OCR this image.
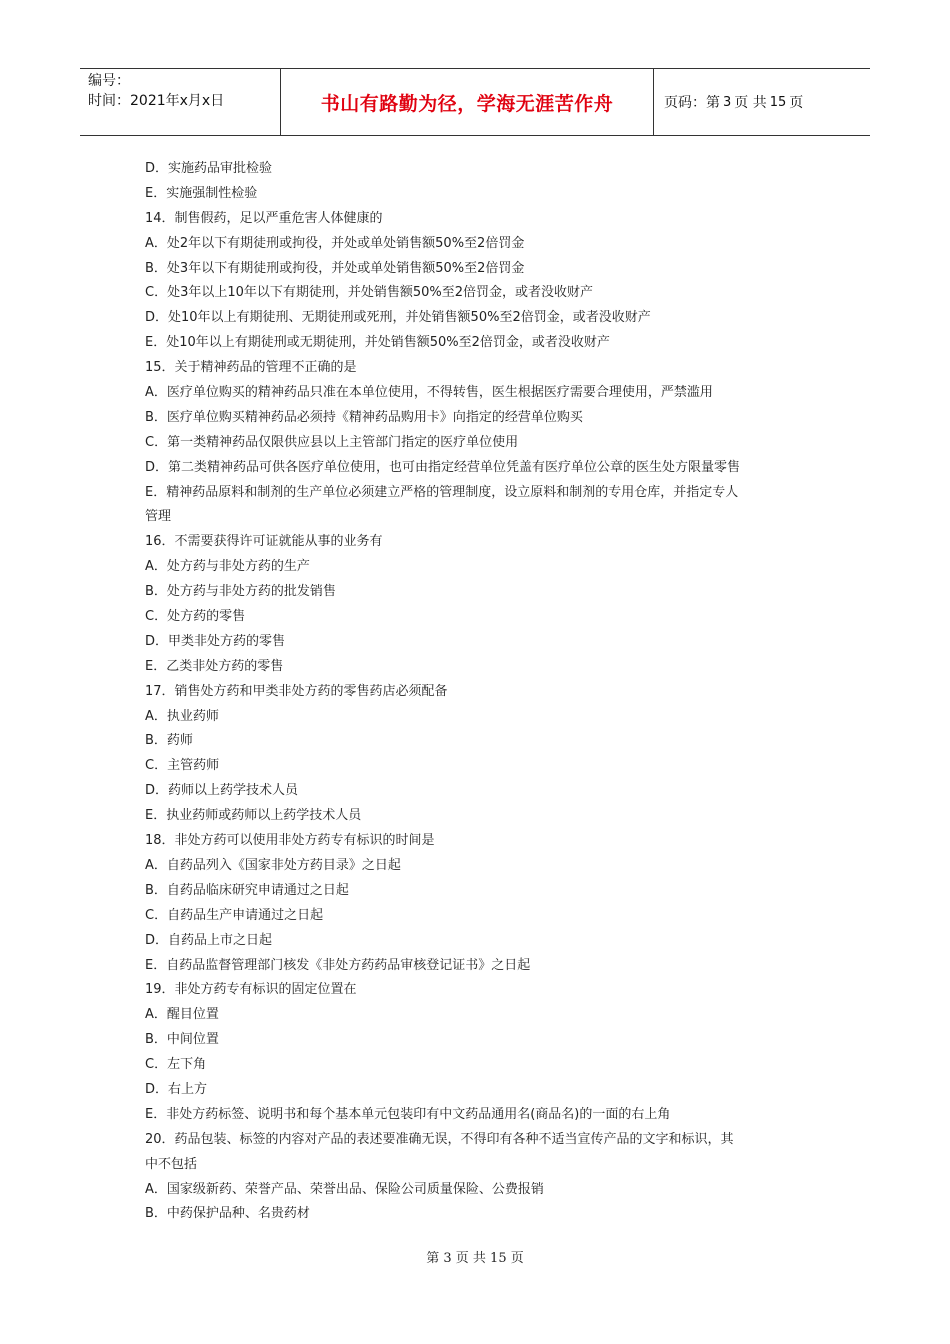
编号：
时间：2021年x月x日	书山有路勤为径，学海无涯苦作舟	页码：第 3 页 共 15 页
D．实施药品审批检验
E．实施强制性检验
14．制售假药，足以严重危害人体健康的
A．处2年以下有期徒刑或拘役，并处或单处销售额50%至2倍罚金
B．处3年以下有期徒刑或拘役，并处或单处销售额50%至2倍罚金
C．处3年以上10年以下有期徒刑，并处销售额50%至2倍罚金，或者没收财产
D．处10年以上有期徒刑、无期徒刑或死刑，并处销售额50%至2倍罚金，或者没收财产
E．处10年以上有期徒刑或无期徒刑，并处销售额50%至2倍罚金，或者没收财产
15．关于精神药品的管理不正确的是
A．医疗单位购买的精神药品只准在本单位使用，不得转售，医生根据医疗需要合理使用，严禁滥用
B．医疗单位购买精神药品必须持《精神药品购用卡》向指定的经营单位购买
C．第一类精神药品仅限供应县以上主管部门指定的医疗单位使用
D．第二类精神药品可供各医疗单位使用，也可由指定经营单位凭盖有医疗单位公章的医生处方限量零售
E．精神药品原料和制剂的生产单位必须建立严格的管理制度，设立原料和制剂的专用仓库，并指定专人
管理
16．不需要获得许可证就能从事的业务有
A．处方药与非处方药的生产
B．处方药与非处方药的批发销售
C．处方药的零售
D．甲类非处方药的零售
E．乙类非处方药的零售
17．销售处方药和甲类非处方药的零售药店必须配备
A．执业药师
B．药师
C．主管药师
D．药师以上药学技术人员
E．执业药师或药师以上药学技术人员
18．非处方药可以使用非处方药专有标识的时间是
A．自药品列入《国家非处方药目录》之日起
B．自药品临床研究申请通过之日起
C．自药品生产申请通过之日起
D．自药品上市之日起
E．自药品监督管理部门核发《非处方药药品审核登记证书》之日起
19．非处方药专有标识的固定位置在
A．醒目位置
B．中间位置
C．左下角
D．右上方
E．非处方药标签、说明书和每个基本单元包装印有中文药品通用名(商品名)的一面的右上角
20．药品包装、标签的内容对产品的表述要准确无误，不得印有各种不适当宣传产品的文字和标识，其
中不包括
A．国家级新药、荣誉产品、荣誉出品、保险公司质量保险、公费报销
B．中药保护品种、名贵药材
第 3 页 共 15 页
